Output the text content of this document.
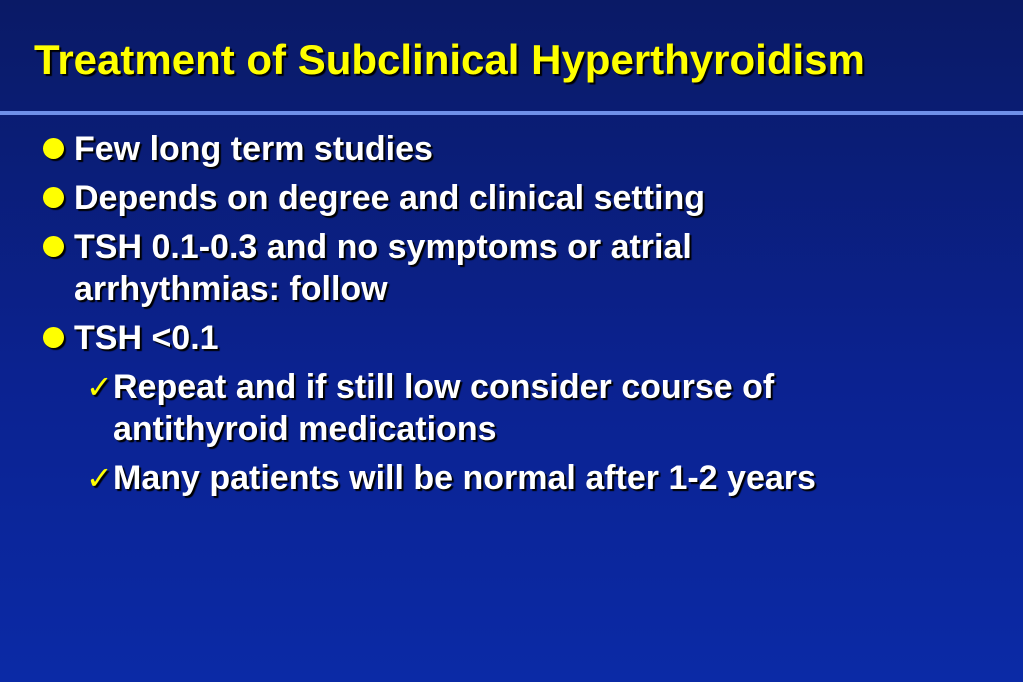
Treatment of Subclinical Hyperthyroidism
Few long term studies
Depends on degree and clinical setting
TSH 0.1-0.3 and no symptoms or atrial arrhythmias: follow
TSH <0.1
✓ Repeat and if still low consider course of antithyroid medications
✓ Many patients will be normal after 1-2 years
